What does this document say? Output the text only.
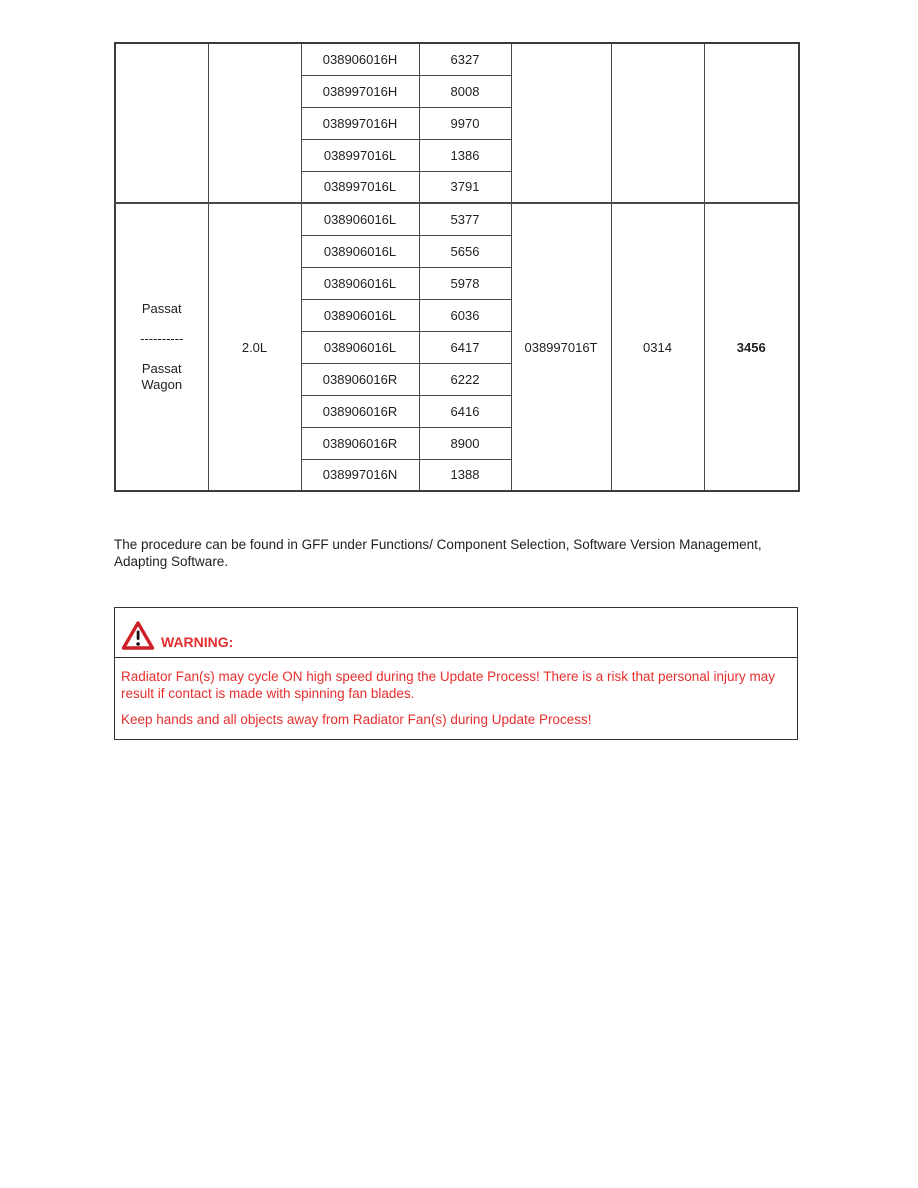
		038906016H	6327			
		038997016H	8008			
		038997016H	9970			
		038997016L	1386			
		038997016L	3791			

Passat
----------
Passat
Wagon	2.0L	038906016L	5377	038997016T	0314	3456
		038906016L	5656			
		038906016L	5978			
		038906016L	6036			
		038906016L	6417			
		038906016R	6222			
		038906016R	6416			
		038906016R	8900			
		038997016N	1388			

The procedure can be found in GFF under Functions/ Component Selection, Software Version Management, Adapting Software.

WARNING:

Radiator Fan(s) may cycle ON high speed during the Update Process! There is a risk that personal injury may result if contact is made with spinning fan blades.

Keep hands and all objects away from Radiator Fan(s) during Update Process!
